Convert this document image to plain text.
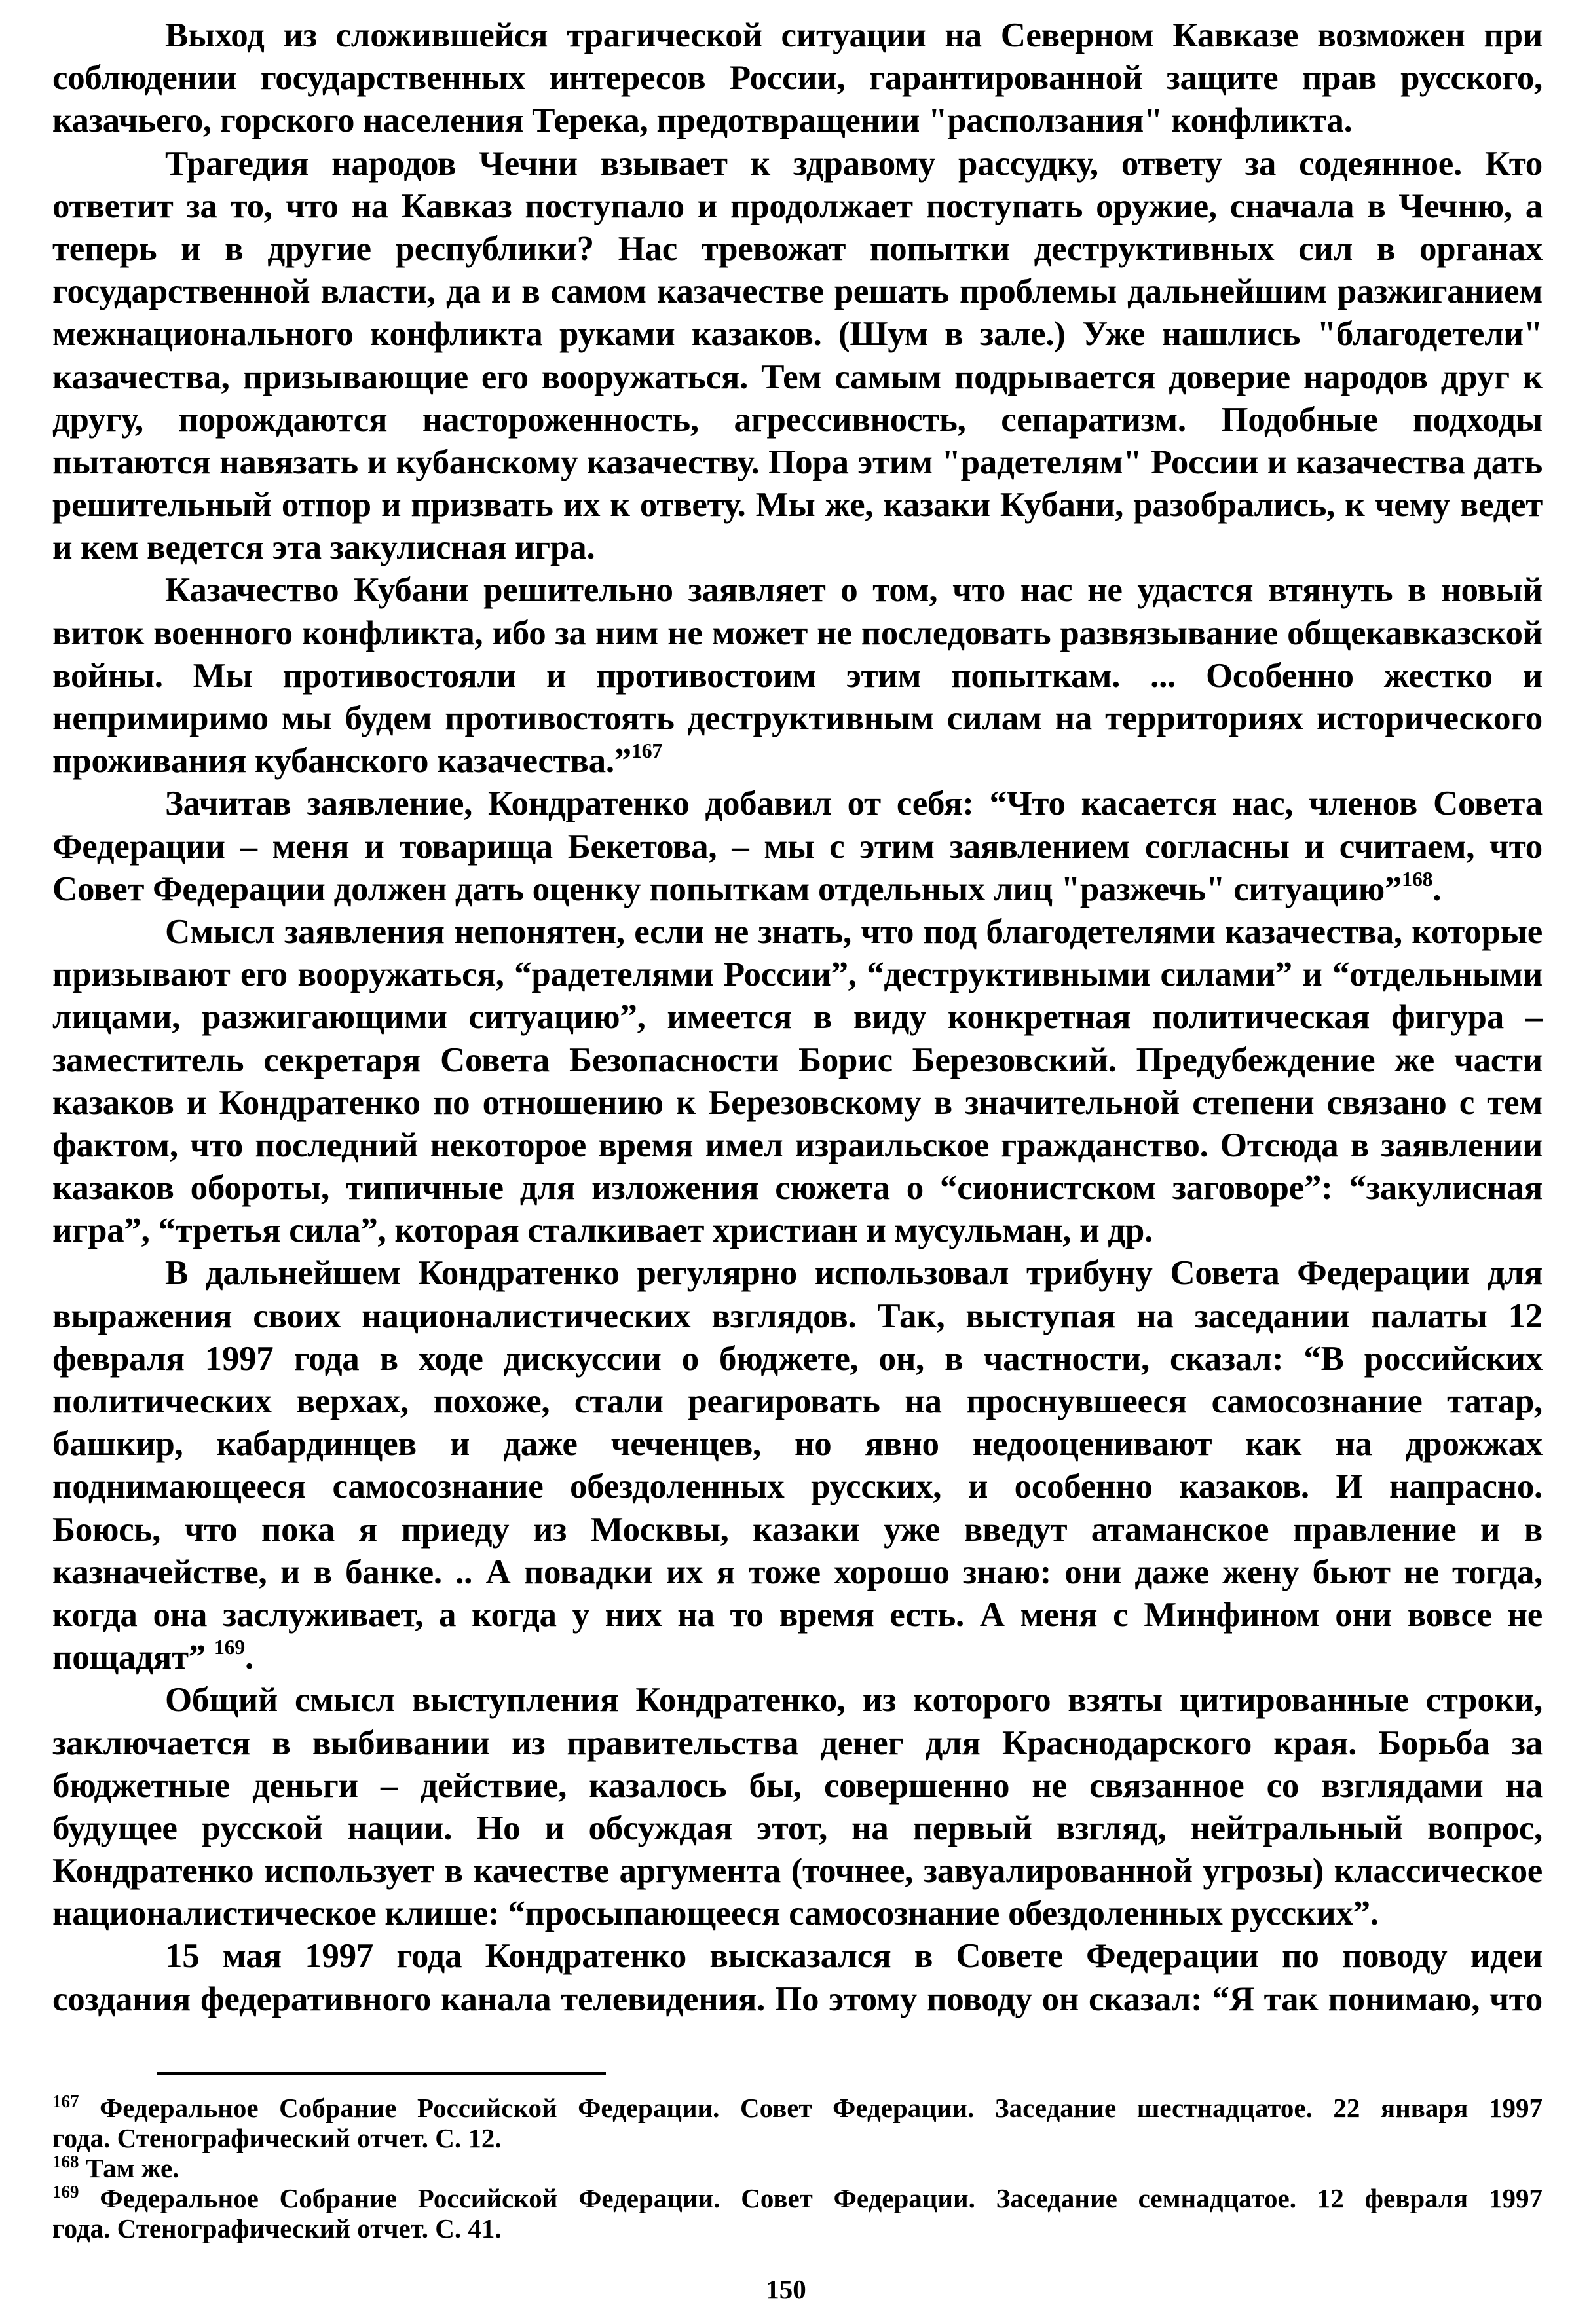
Выход из сложившейся трагической ситуации на Северном Кавказе возможен при
соблюдении государственных интересов России, гарантированной защите прав русского,
казачьего, горского населения Терека, предотвращении "расползания" конфликта.
Трагедия народов Чечни взывает к здравому рассудку, ответу за содеянное. Кто
ответит за то, что на Кавказ поступало и продолжает поступать оружие, сначала в Чечню, а
теперь и в другие республики? Нас тревожат попытки деструктивных сил в органах
государственной власти, да и в самом казачестве решать проблемы дальнейшим разжиганием
межнационального конфликта руками казаков. (Шум в зале.) Уже нашлись "благодетели"
казачества, призывающие его вооружаться. Тем самым подрывается доверие народов друг к
другу, порождаются настороженность, агрессивность, сепаратизм. Подобные подходы
пытаются навязать и кубанскому казачеству. Пора этим "радетелям" России и казачества дать
решительный отпор и призвать их к ответу. Мы же, казаки Кубани, разобрались, к чему ведет
и кем ведется эта закулисная игра.
Казачество Кубани решительно заявляет о том, что нас не удастся втянуть в новый
виток военного конфликта, ибо за ним не может не последовать развязывание общекавказской
войны. Мы противостояли и противостоим этим попыткам. ... Особенно жестко и
непримиримо мы будем противостоять деструктивным силам на территориях исторического
проживания кубанского казачества.”$^{167}$
Зачитав заявление, Кондратенко добавил от себя: “Что касается нас, членов Совета
Федерации – меня и товарища Бекетова, – мы с этим заявлением согласны и считаем, что
Совет Федерации должен дать оценку попыткам отдельных лиц "разжечь" ситуацию”$^{168}$.
Смысл заявления непонятен, если не знать, что под благодетелями казачества, которые
призывают его вооружаться, “радетелями России”, “деструктивными силами” и “отдельными
лицами, разжигающими ситуацию”, имеется в виду конкретная политическая фигура –
заместитель секретаря Совета Безопасности Борис Березовский. Предубеждение же части
казаков и Кондратенко по отношению к Березовскому в значительной степени связано с тем
фактом, что последний некоторое время имел израильское гражданство. Отсюда в заявлении
казаков обороты, типичные для изложения сюжета о “сионистском заговоре”: “закулисная
игра”, “третья сила”, которая сталкивает христиан и мусульман, и др.
В дальнейшем Кондратенко регулярно использовал трибуну Совета Федерации для
выражения своих националистических взглядов. Так, выступая на заседании палаты 12
февраля 1997 года в ходе дискуссии о бюджете, он, в частности, сказал: “В российских
политических верхах, похоже, стали реагировать на проснувшееся самосознание татар,
башкир, кабардинцев и даже чеченцев, но явно недооценивают как на дрожжах
поднимающееся самосознание обездоленных русских, и особенно казаков. И напрасно.
Боюсь, что пока я приеду из Москвы, казаки уже введут атаманское правление и в
казначействе, и в банке. .. А повадки их я тоже хорошо знаю: они даже жену бьют не тогда,
когда она заслуживает, а когда у них на то время есть. А меня с Минфином они вовсе не
пощадят” $^{169}$.
Общий смысл выступления Кондратенко, из которого взяты цитированные строки,
заключается в выбивании из правительства денег для Краснодарского края. Борьба за
бюджетные деньги – действие, казалось бы, совершенно не связанное со взглядами на
будущее русской нации. Но и обсуждая этот, на первый взгляд, нейтральный вопрос,
Кондратенко использует в качестве аргумента (точнее, завуалированной угрозы) классическое
националистическое клише: “просыпающееся самосознание обездоленных русских”.
15 мая 1997 года Кондратенко высказался в Совете Федерации по поводу идеи
создания федеративного канала телевидения. По этому поводу он сказал: “Я так понимаю, что
$^{167}$ Федеральное Собрание Российской Федерации. Совет Федерации. Заседание шестнадцатое. 22 января 1997
года. Стенографический отчет. С. 12.
$^{168}$ Там же.
$^{169}$ Федеральное Собрание Российской Федерации. Совет Федерации. Заседание семнадцатое. 12 февраля 1997
года. Стенографический отчет. С. 41.
150
